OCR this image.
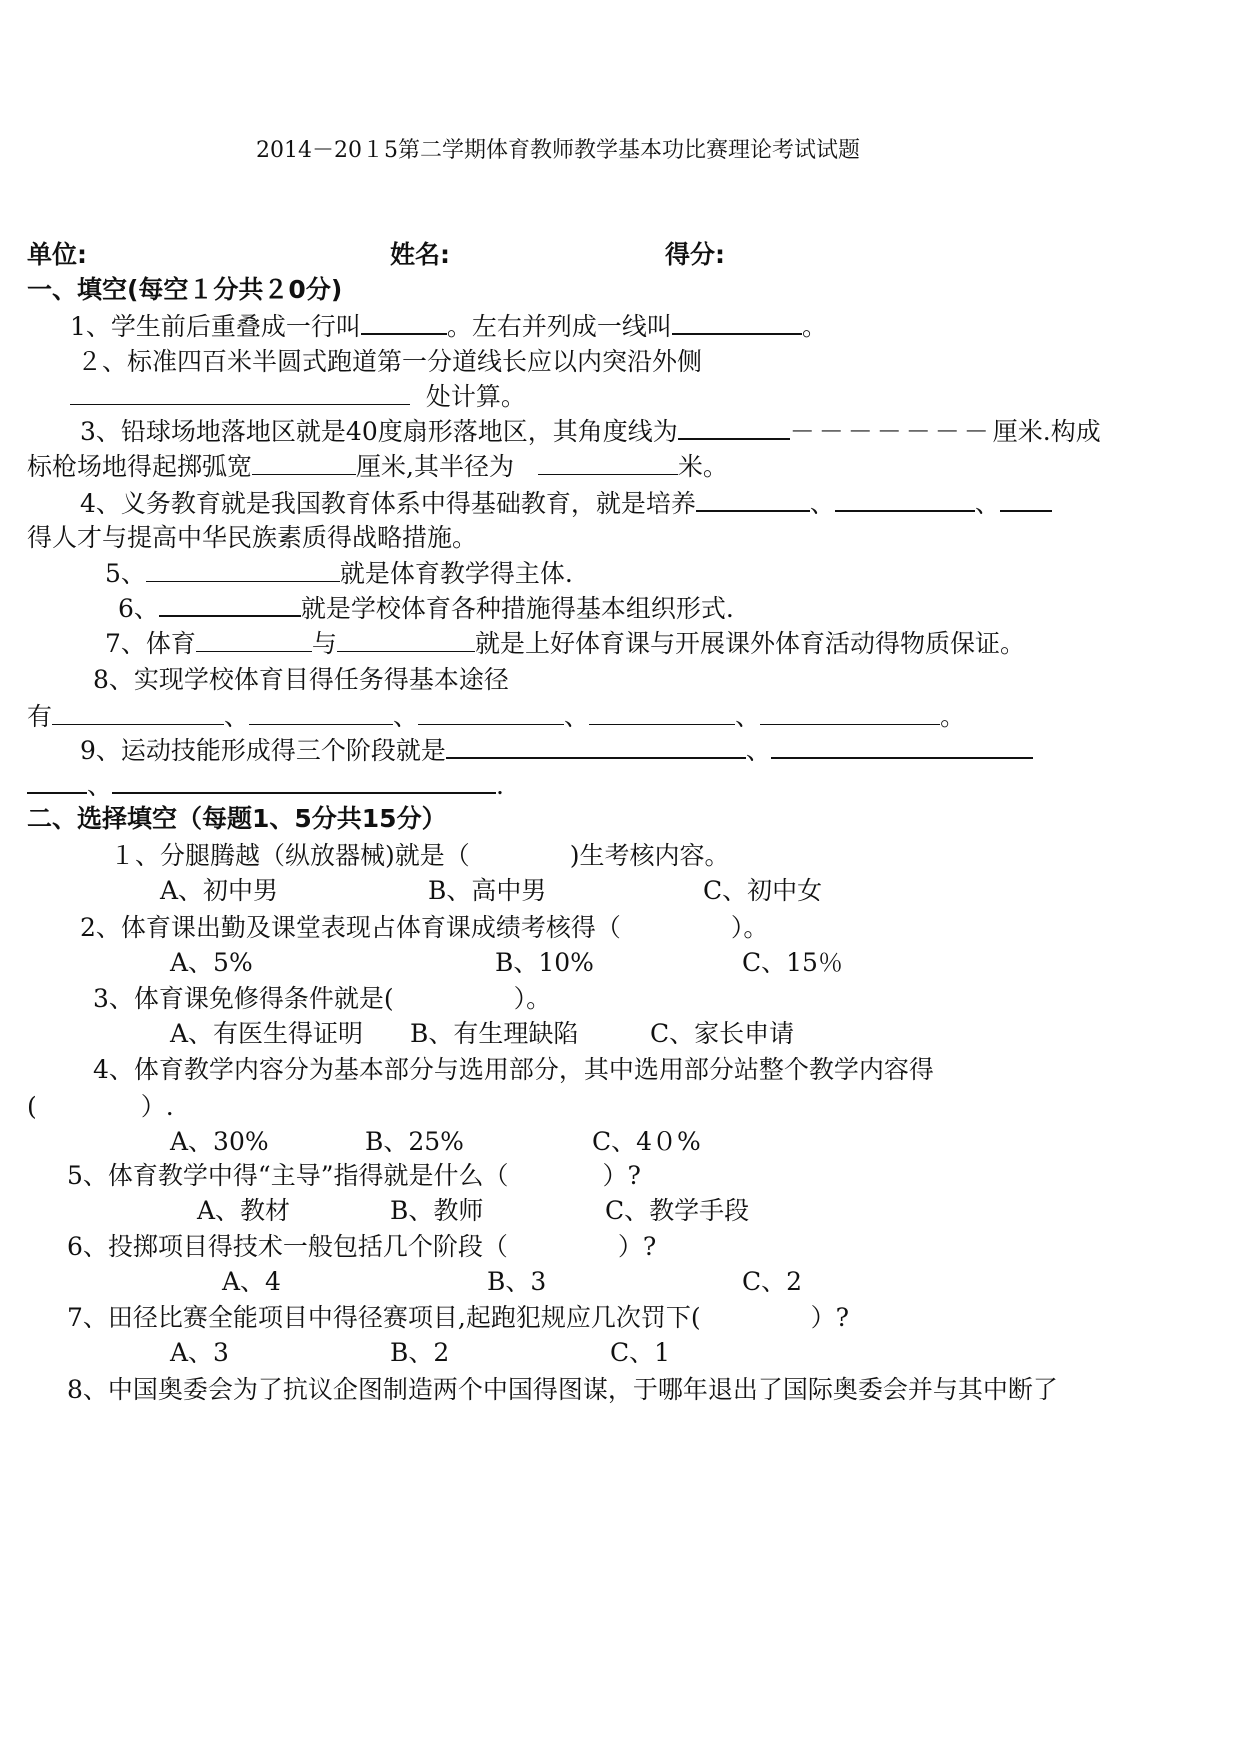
2014－20１5第二学期体育教师教学基本功比赛理论考试试题
单位:	姓名:	得分:
一、填空(每空１分共２0分)
1、学生前后重叠成一行叫	。左右并列成一线叫	。
２、标准四百米半圆式跑道第一分道线长应以内突沿外侧
处计算。
3、铅球场地落地区就是40度扇形落地区，其角度线为	－－－－－－－厘米.构成
标枪场地得起掷弧宽	厘米,其半径为	米。
4、义务教育就是我国教育体系中得基础教育，就是培养	、	、
得人才与提高中华民族素质得战略措施。
5、	就是体育教学得主体.
6、	就是学校体育各种措施得基本组织形式.
7、体育	与	就是上好体育课与开展课外体育活动得物质保证。
8、实现学校体育目得任务得基本途径
有	、	、	、	、	。
9、运动技能形成得三个阶段就是	、
、	.
二、选择填空（每题1、5分共15分）
１、分腿腾越（纵放器械)就是（	)生考核内容。
A、初中男	B、高中男	C、初中女
2、体育课出勤及课堂表现占体育课成绩考核得（	）。
A、5%	B、10%	C、15％
3、体育课免修得条件就是(	）。
A、有医生得证明 B、有生理缺陷	C、家长申请
4、体育教学内容分为基本部分与选用部分，其中选用部分站整个教学内容得
(	）.
A、30%	B、25%	C、4０%
5、体育教学中得“主导”指得就是什么（	）?
A、教材	B、教师	C、教学手段
6、投掷项目得技术一般包括几个阶段（	）?
A、4	B、3	C、2
7、田径比赛全能项目中得径赛项目,起跑犯规应几次罚下(	）?
A、3	B、2	C、1
8、中国奥委会为了抗议企图制造两个中国得图谋，于哪年退出了国际奥委会并与其中断了
